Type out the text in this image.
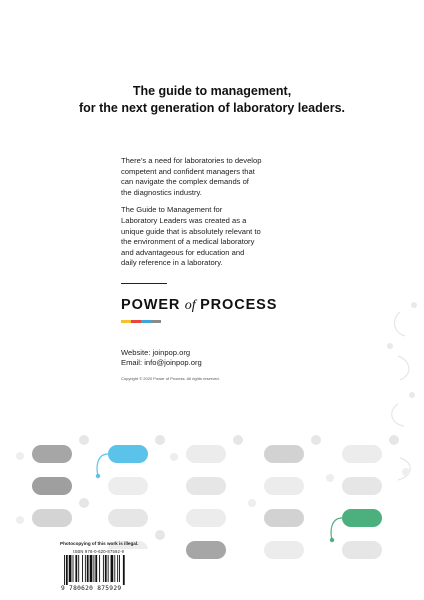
The guide to management,
for the next generation of laboratory leaders.

There’s a need for laboratories to develop
competent and confident managers that
can navigate the complex demands of
the diagnostics industry.

The Guide to Management for
Laboratory Leaders was created as a
unique guide that is absolutely relevant to
the environment of a medical laboratory
and advantageous for education and
daily reference in a laboratory.

POWER of PROCESS
Website: joinpop.org
Email: info@joinpop.org
Copyright © 2020 Power of Process. All rights reserved.
Photocopying of this work is illegal.
ISBN 978-0-620-87592-9
9 780620 875929
